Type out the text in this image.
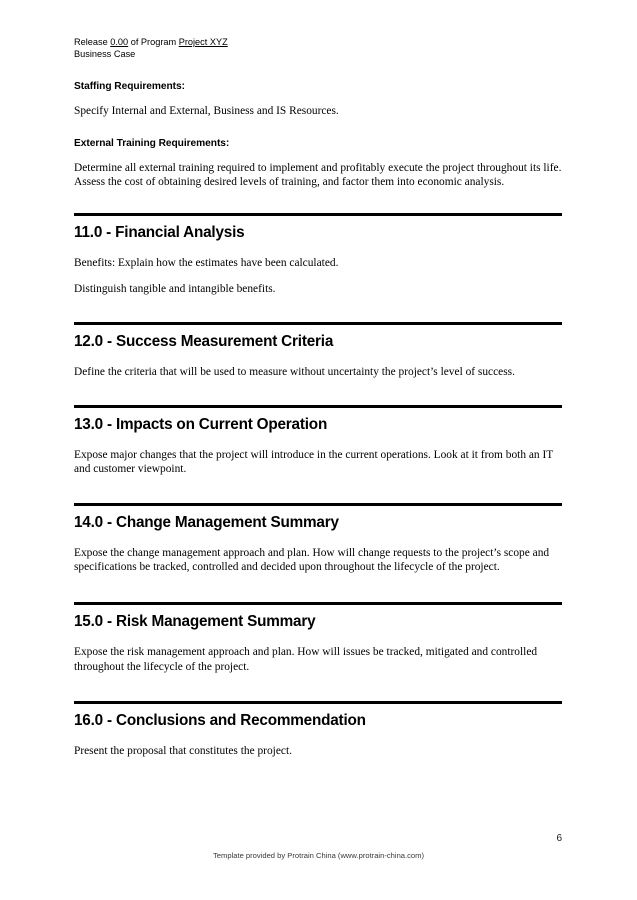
Release 0.00 of Program Project XYZ
Business Case
Staffing Requirements:

Specify Internal and External, Business and IS Resources.

External Training Requirements:

Determine all external training required to implement and profitably execute the project throughout its life. Assess the cost of obtaining desired levels of training, and factor them into economic analysis.

11.0 - Financial Analysis

Benefits: Explain how the estimates have been calculated.

Distinguish tangible and intangible benefits.

12.0 - Success Measurement Criteria

Define the criteria that will be used to measure without uncertainty the project’s level of success.

13.0 - Impacts on Current Operation

Expose major changes that the project will introduce in the current operations. Look at it from both an IT and customer viewpoint.

14.0 - Change Management Summary

Expose the change management approach and plan. How will change requests to the project’s scope and specifications be tracked, controlled and decided upon throughout the lifecycle of the project.

15.0 - Risk Management Summary

Expose the risk management approach and plan. How will issues be tracked, mitigated and controlled throughout the lifecycle of the project.

16.0 - Conclusions and Recommendation

Present the proposal that constitutes the project.

6
Template provided by Protrain China (www.protrain-china.com)
